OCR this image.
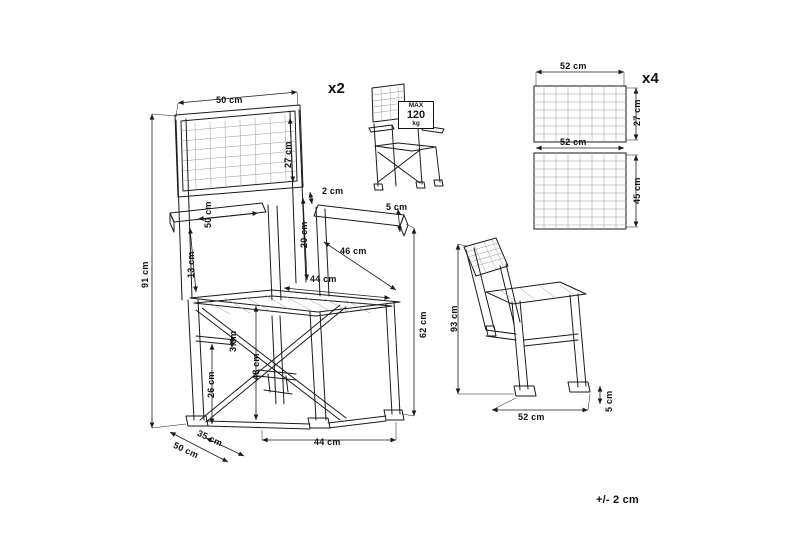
50 cm
27 cm
50 cm
2 cm
5 cm
20 cm
46 cm
44 cm
13 cm
91 cm
62 cm
48 cm
3 cm
26 cm
50 cm
35 cm	44 cm
93 cm
52 cm
5 cm
52 cm
27 cm
52 cm
45 cm
x2
x4
MAX
120
kg
+/- 2 cm
